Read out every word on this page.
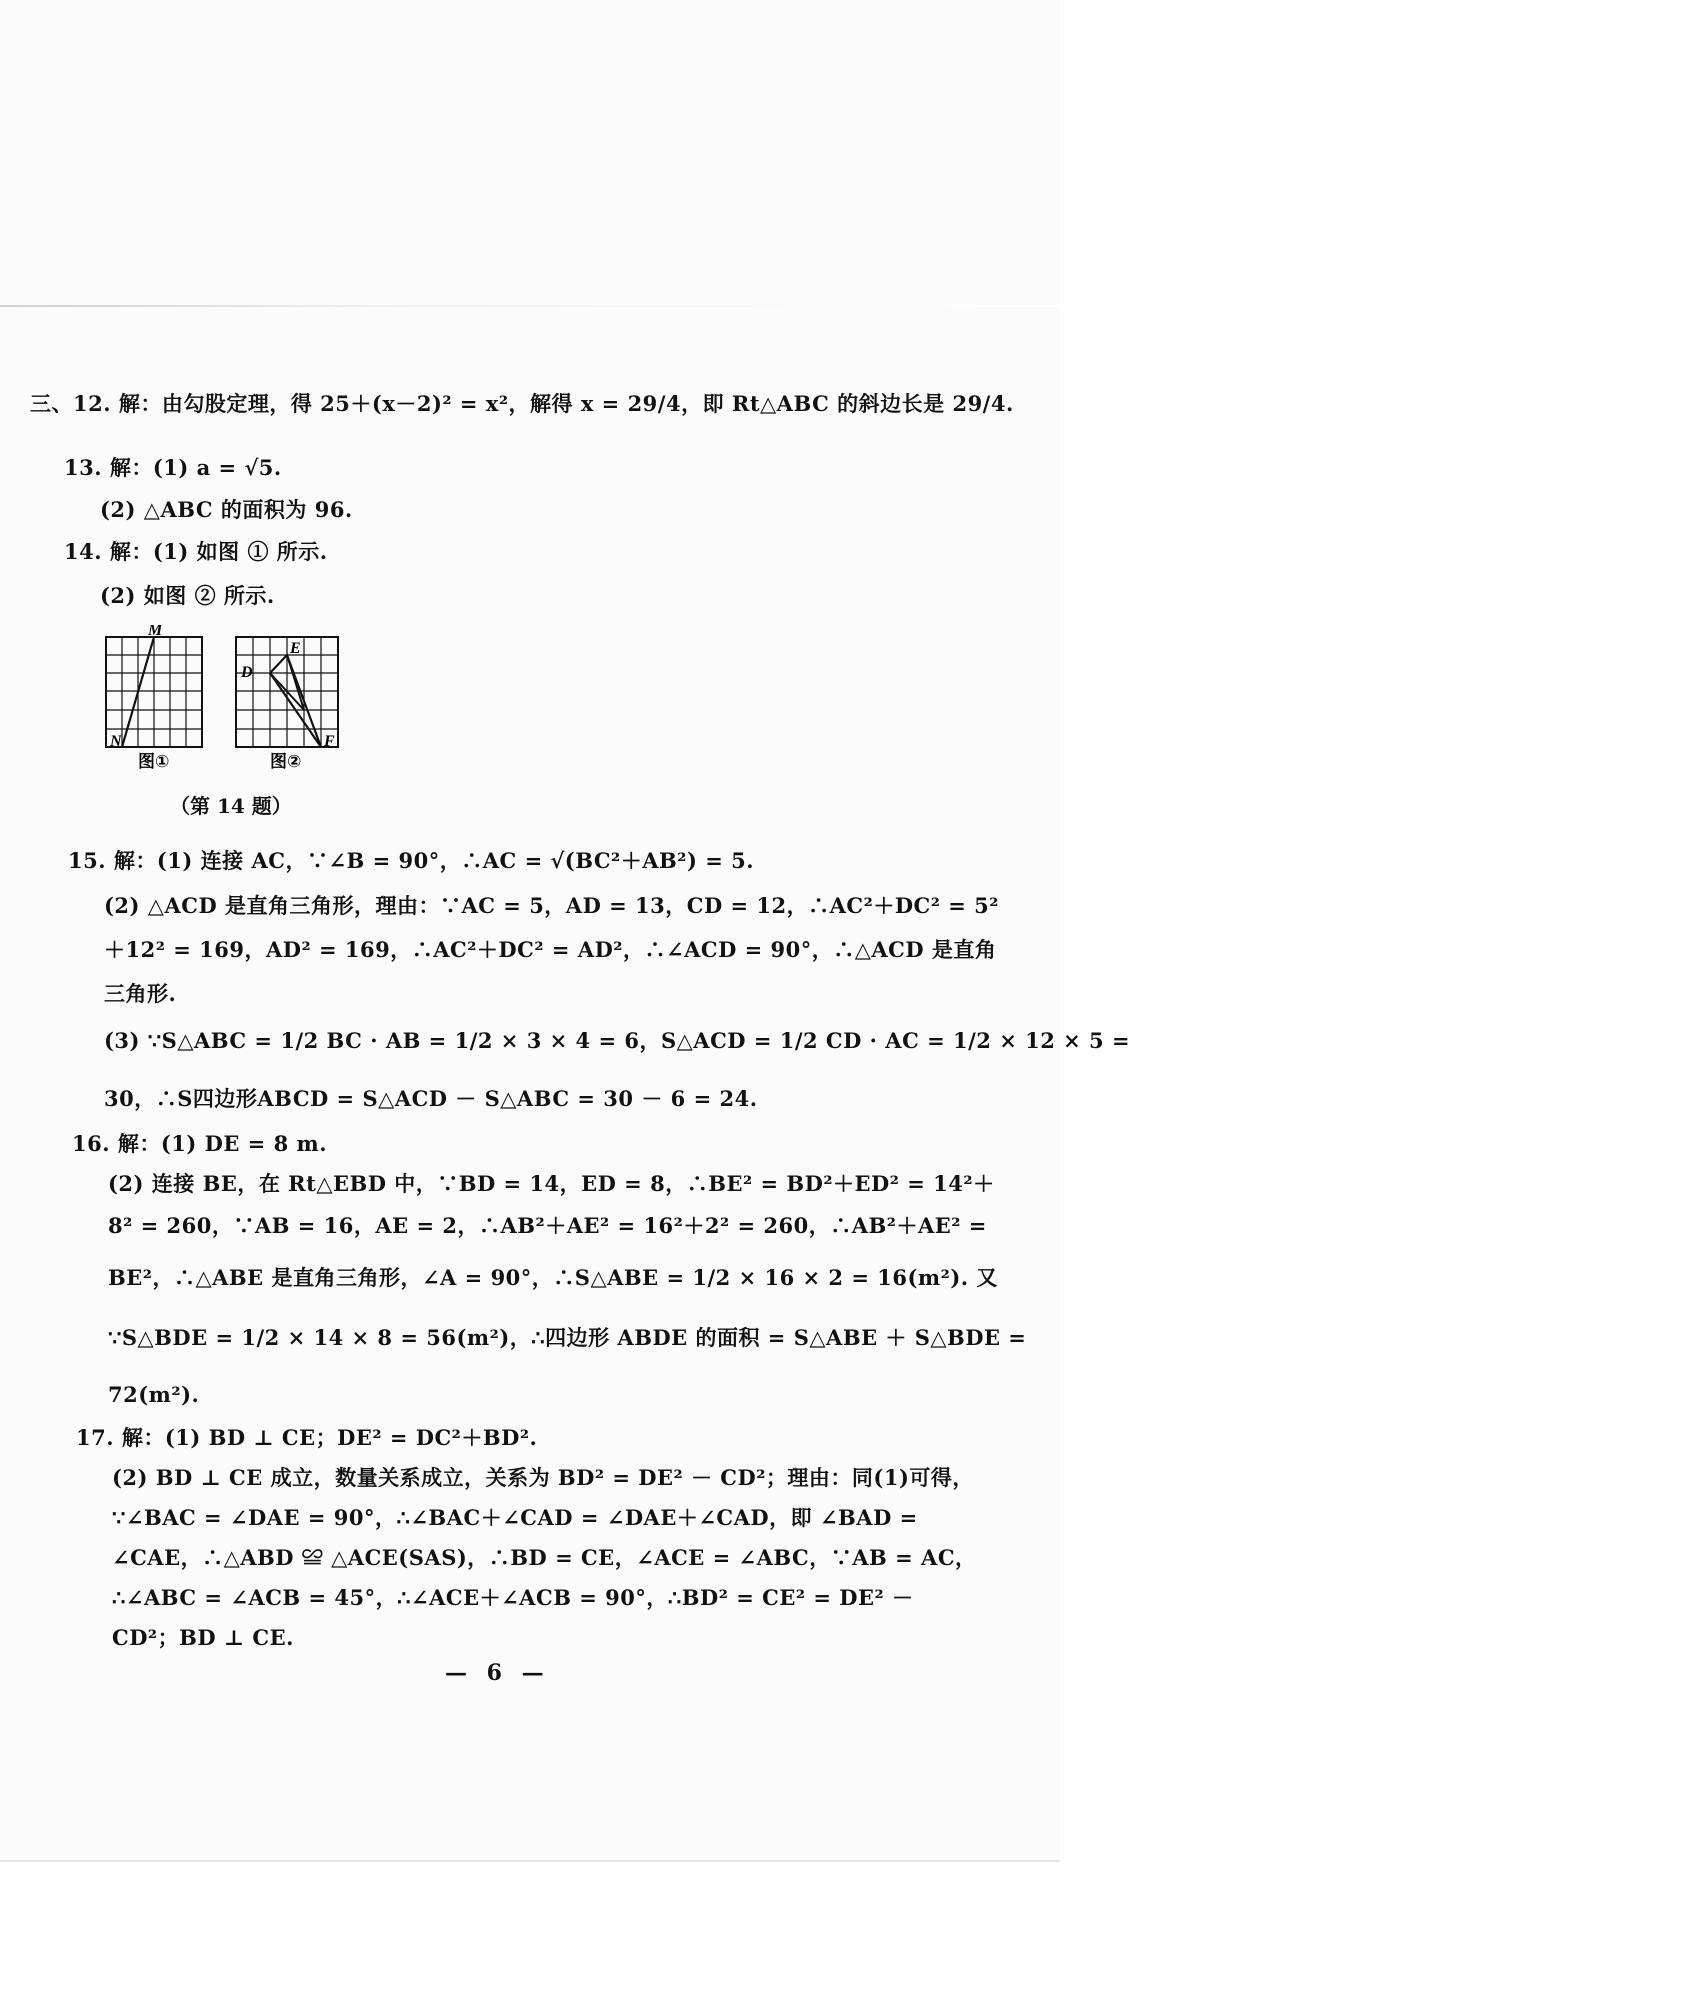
三、12. 解：由勾股定理，得 25＋(x－2)² = x²，解得 x = 29/4，即 Rt△ABC 的斜边长是 29/4.
13. 解：(1) a = √5.
(2) △ABC 的面积为 96.
14. 解：(1) 如图 ① 所示.
(2) 如图 ② 所示.
M
N
D
E
F
图①	图②
（第 14 题）
15. 解：(1) 连接 AC，∵∠B = 90°，∴AC = √(BC²＋AB²) = 5.
(2) △ACD 是直角三角形，理由：∵AC = 5，AD = 13，CD = 12，∴AC²＋DC² = 5²
＋12² = 169，AD² = 169，∴AC²＋DC² = AD²，∴∠ACD = 90°，∴△ACD 是直角
三角形.
(3) ∵S△ABC = 1/2 BC · AB = 1/2 × 3 × 4 = 6，S△ACD = 1/2 CD · AC = 1/2 × 12 × 5 =
30，∴S四边形ABCD = S△ACD － S△ABC = 30 － 6 = 24.
16. 解：(1) DE = 8 m.
(2) 连接 BE，在 Rt△EBD 中，∵BD = 14，ED = 8，∴BE² = BD²＋ED² = 14²＋
8² = 260，∵AB = 16，AE = 2，∴AB²＋AE² = 16²＋2² = 260，∴AB²＋AE² =
BE²，∴△ABE 是直角三角形，∠A = 90°，∴S△ABE = 1/2 × 16 × 2 = 16(m²). 又
∵S△BDE = 1/2 × 14 × 8 = 56(m²)，∴四边形 ABDE 的面积 = S△ABE ＋ S△BDE =
72(m²).
17. 解：(1) BD ⊥ CE；DE² = DC²＋BD².
(2) BD ⊥ CE 成立，数量关系成立，关系为 BD² = DE² － CD²；理由：同(1)可得，
∵∠BAC = ∠DAE = 90°，∴∠BAC＋∠CAD = ∠DAE＋∠CAD，即 ∠BAD =
∠CAE，∴△ABD ≌ △ACE(SAS)，∴BD = CE，∠ACE = ∠ABC，∵AB = AC，
∴∠ABC = ∠ACB = 45°，∴∠ACE＋∠ACB = 90°，∴BD² = CE² = DE² －
CD²；BD ⊥ CE.
— 6 —
